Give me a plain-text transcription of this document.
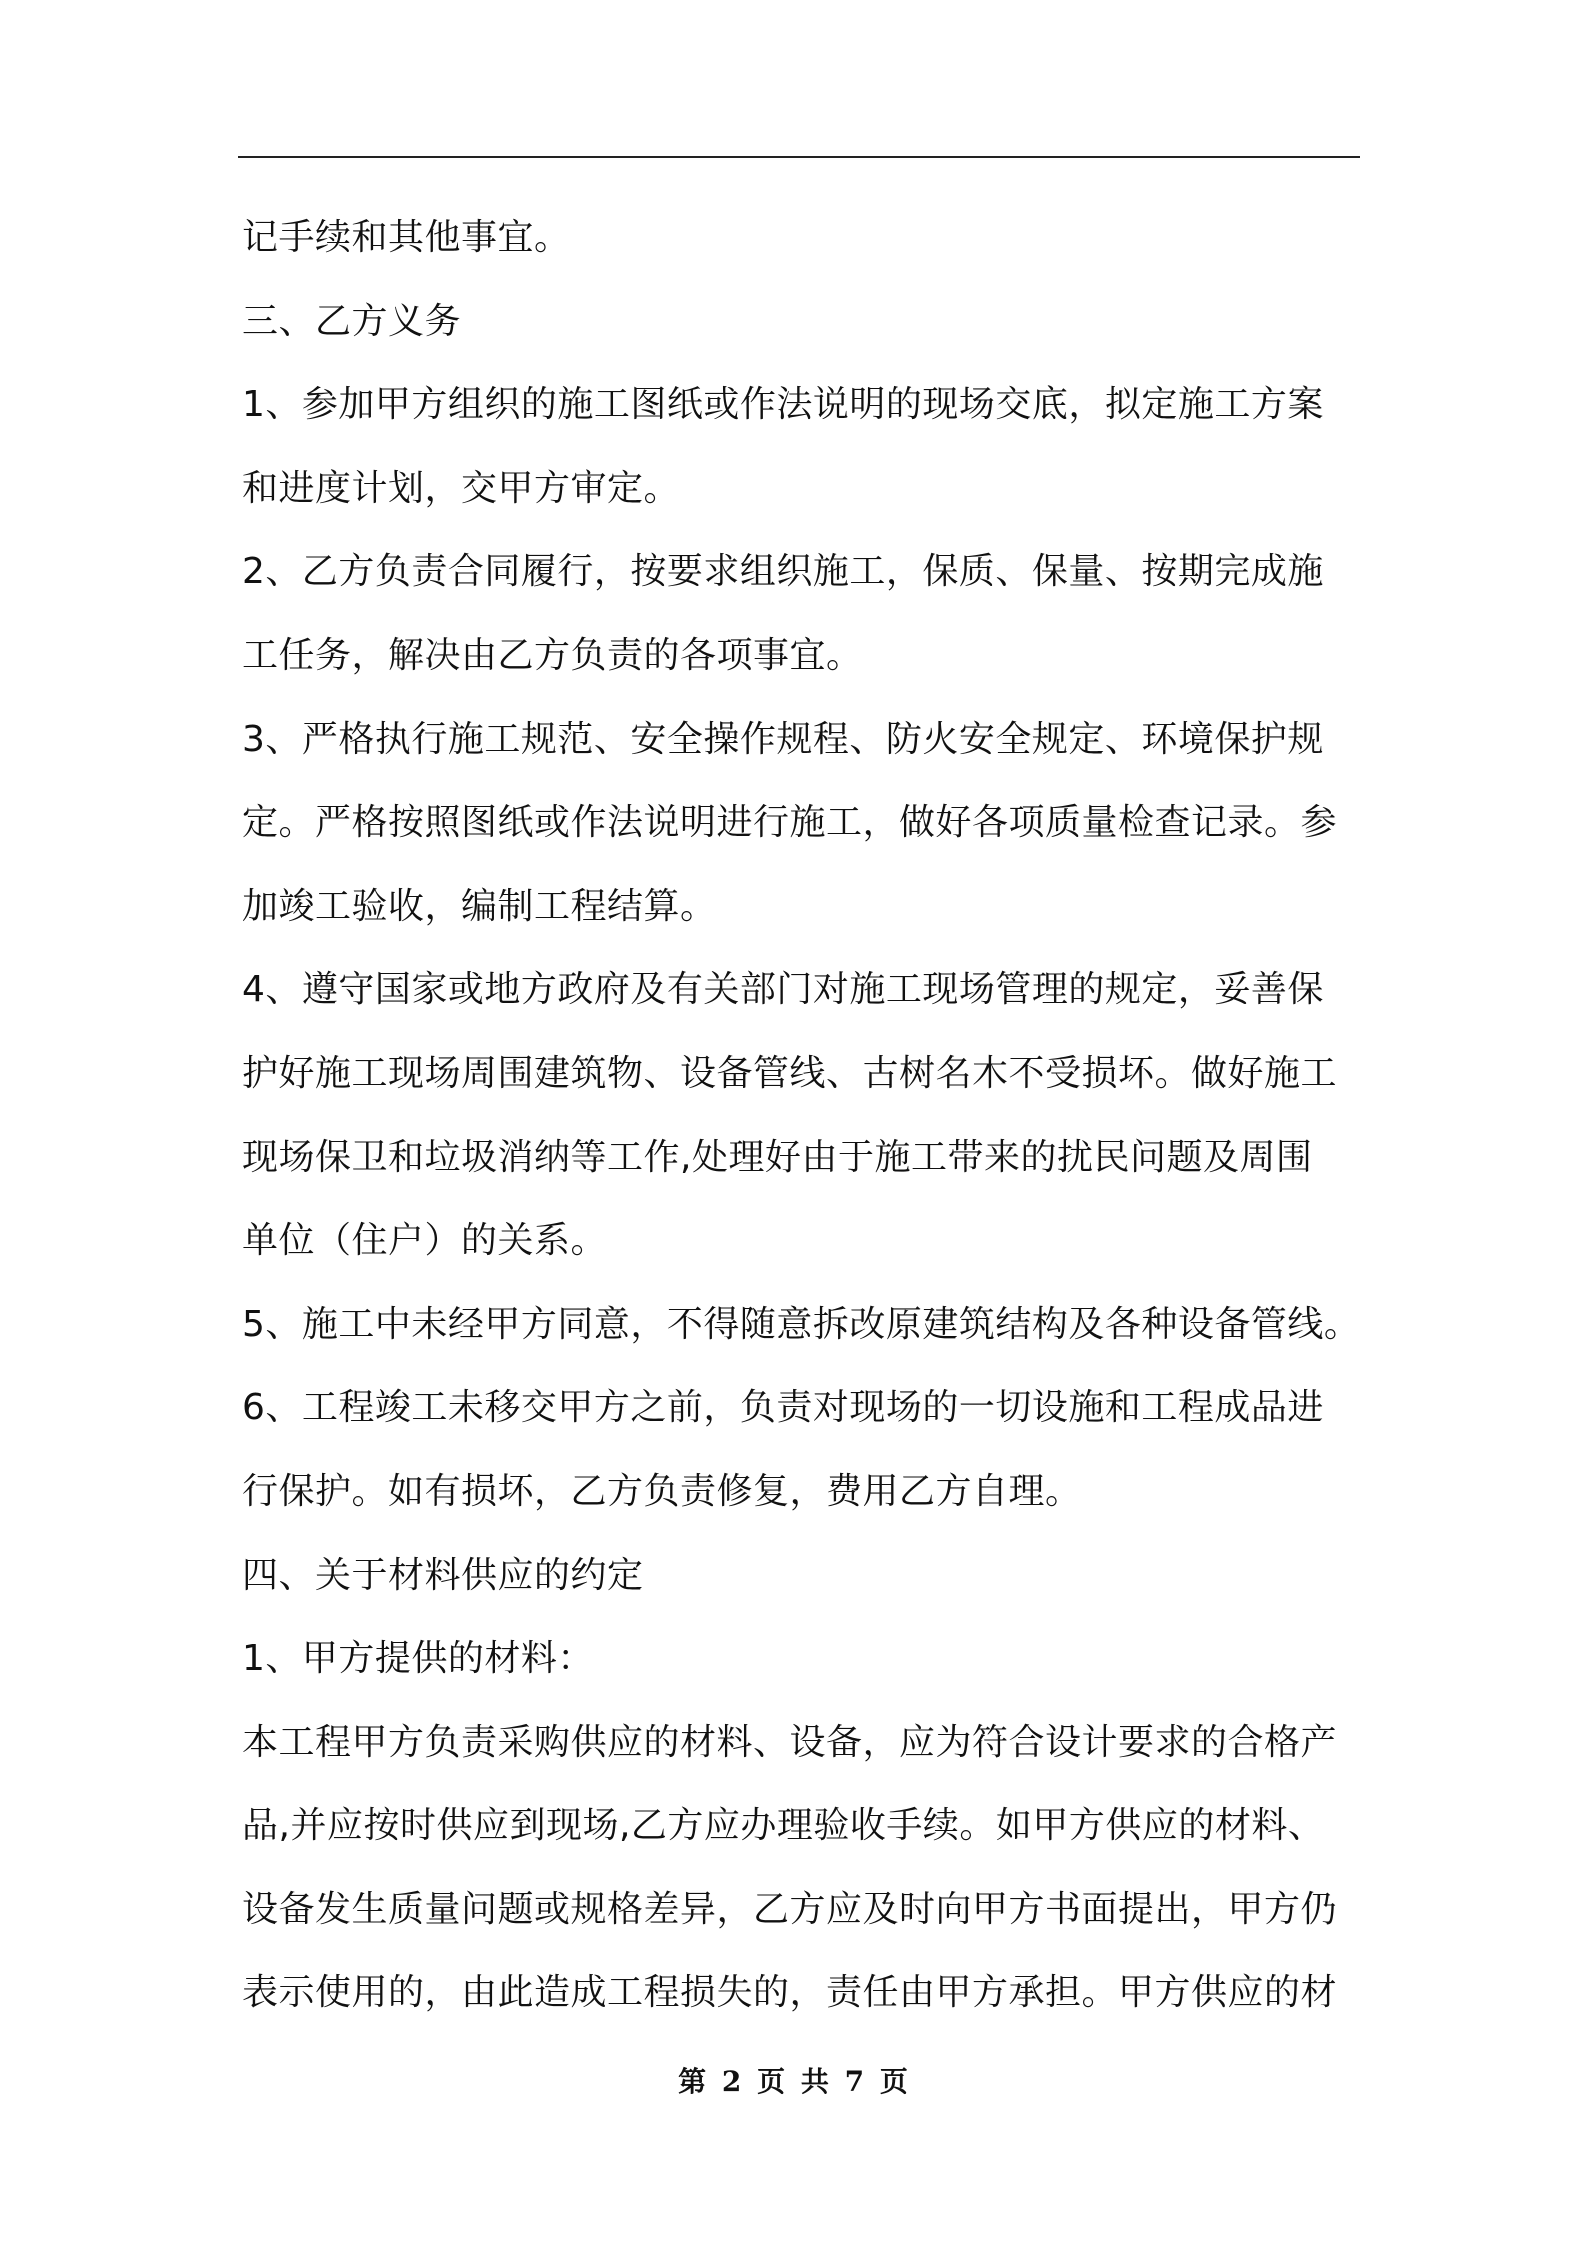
记手续和其他事宜。
三、乙方义务
1、参加甲方组织的施工图纸或作法说明的现场交底，拟定施工方案
和进度计划，交甲方审定。
2、乙方负责合同履行，按要求组织施工，保质、保量、按期完成施
工任务，解决由乙方负责的各项事宜。
3、严格执行施工规范、安全操作规程、防火安全规定、环境保护规
定。严格按照图纸或作法说明进行施工，做好各项质量检查记录。参
加竣工验收，编制工程结算。
4、遵守国家或地方政府及有关部门对施工现场管理的规定，妥善保
护好施工现场周围建筑物、设备管线、古树名木不受损坏。做好施工
现场保卫和垃圾消纳等工作,处理好由于施工带来的扰民问题及周围
单位（住户）的关系。
5、施工中未经甲方同意，不得随意拆改原建筑结构及各种设备管线。
6、工程竣工未移交甲方之前，负责对现场的一切设施和工程成品进
行保护。如有损坏，乙方负责修复，费用乙方自理。
四、关于材料供应的约定
1、甲方提供的材料：
本工程甲方负责采购供应的材料、设备，应为符合设计要求的合格产
品,并应按时供应到现场,乙方应办理验收手续。如甲方供应的材料、
设备发生质量问题或规格差异，乙方应及时向甲方书面提出，甲方仍
表示使用的，由此造成工程损失的，责任由甲方承担。甲方供应的材
第 2 页 共 7 页
